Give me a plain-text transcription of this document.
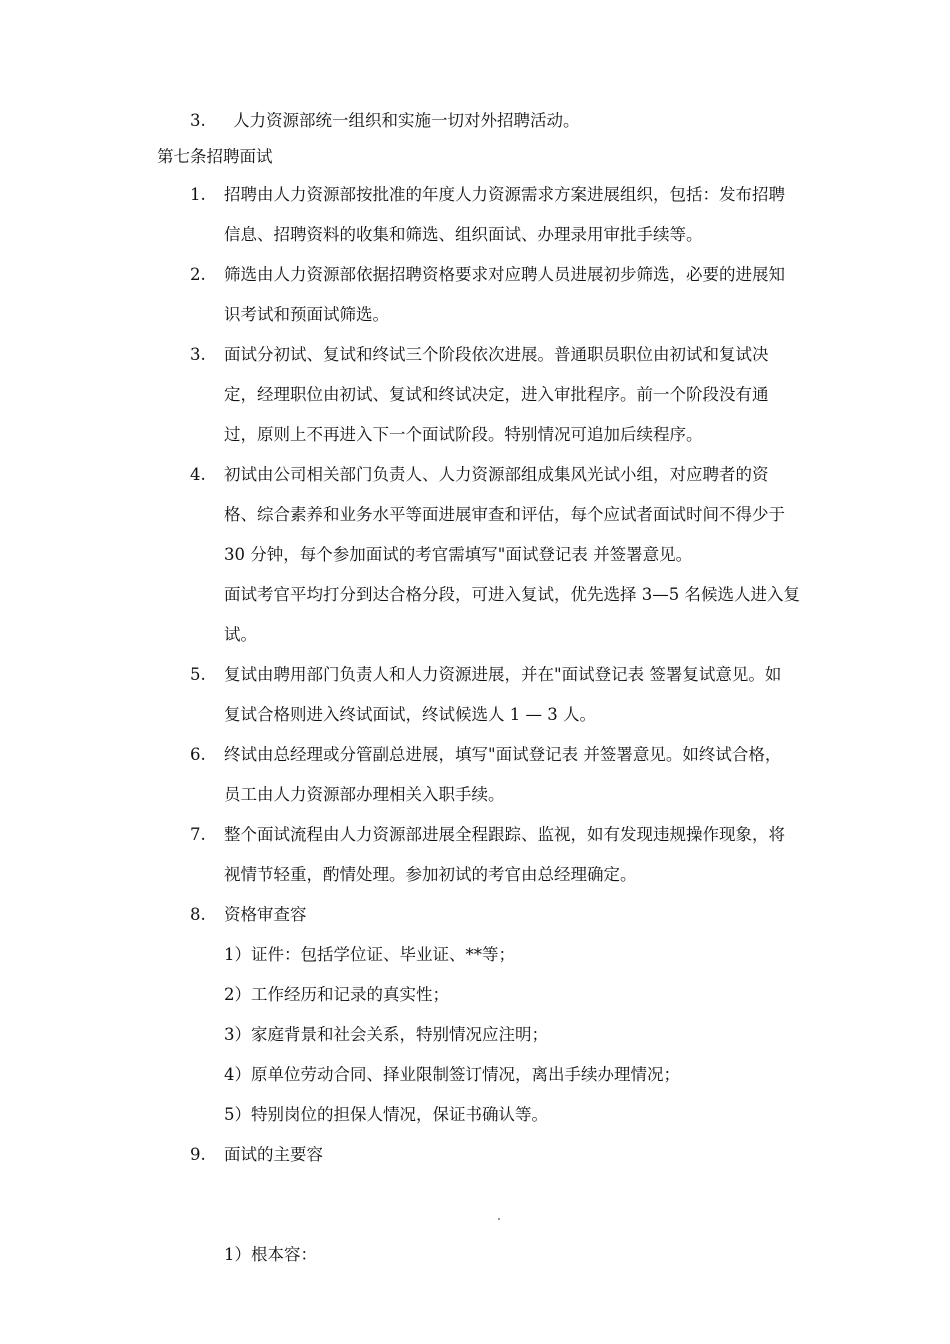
3. 人力资源部统一组织和实施一切对外招聘活动。
第七条招聘面试
1. 招聘由人力资源部按批准的年度人力资源需求方案进展组织，包括：发布招聘
信息、招聘资料的收集和筛选、组织面试、办理录用审批手续等。
2. 筛选由人力资源部依据招聘资格要求对应聘人员进展初步筛选，必要的进展知
识考试和预面试筛选。
3. 面试分初试、复试和终试三个阶段依次进展。普通职员职位由初试和复试决
定，经理职位由初试、复试和终试决定，进入审批程序。前一个阶段没有通
过，原则上不再进入下一个面试阶段。特别情况可追加后续程序。
4. 初试由公司相关部门负责人、人力资源部组成集风光试小组，对应聘者的资
格、综合素养和业务水平等面进展审查和评估，每个应试者面试时间不得少于
30 分钟，每个参加面试的考官需填写"面试登记表 并签署意见。
面试考官平均打分到达合格分段，可进入复试，优先选择 3—5 名候选人进入复
试。
5. 复试由聘用部门负责人和人力资源进展，并在"面试登记表 签署复试意见。如
复试合格则进入终试面试，终试候选人 1 — 3 人。
6. 终试由总经理或分管副总进展，填写"面试登记表 并签署意见。如终试合格，
员工由人力资源部办理相关入职手续。
7. 整个面试流程由人力资源部进展全程跟踪、监视，如有发现违规操作现象，将
视情节轻重，酌情处理。参加初试的考官由总经理确定。
8. 资格审查容
1）证件：包括学位证、毕业证、**等；
2）工作经历和记录的真实性；
3）家庭背景和社会关系，特别情况应注明；
4）原单位劳动合同、择业限制签订情况，离出手续办理情况；
5）特别岗位的担保人情况，保证书确认等。
9. 面试的主要容
1）根本容：
